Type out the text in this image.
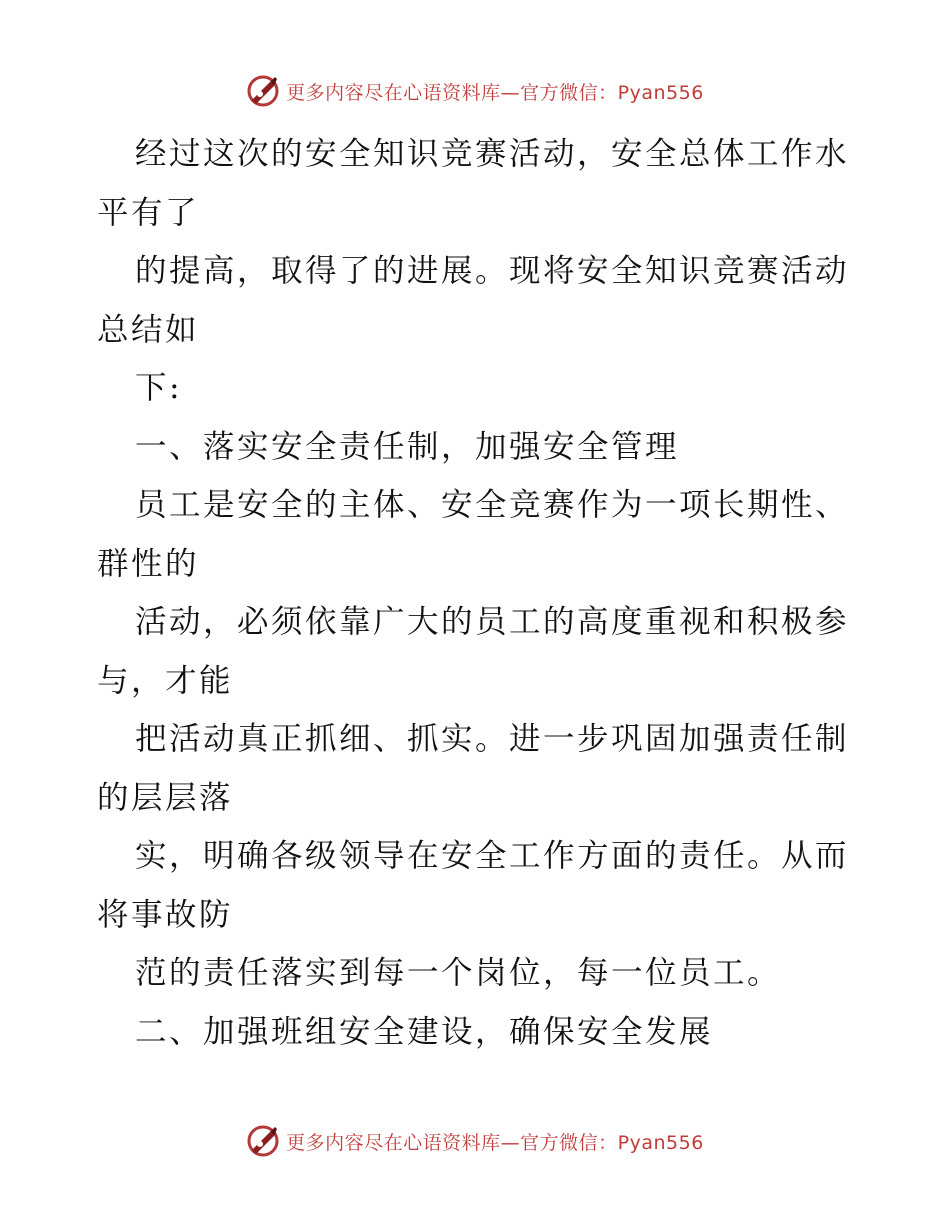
更多内容尽在心语资料库—官方微信：Pyan556
经过这次的安全知识竞赛活动，安全总体工作水
平有了
的提高，取得了的进展。现将安全知识竞赛活动
总结如
下:
一、落实安全责任制，加强安全管理
员工是安全的主体、安全竞赛作为一项长期性、
群性的
活动，必须依靠广大的员工的高度重视和积极参
与，才能
把活动真正抓细、抓实。进一步巩固加强责任制
的层层落
实，明确各级领导在安全工作方面的责任。从而
将事故防
范的责任落实到每一个岗位，每一位员工。
二、加强班组安全建设，确保安全发展
更多内容尽在心语资料库—官方微信：Pyan556
